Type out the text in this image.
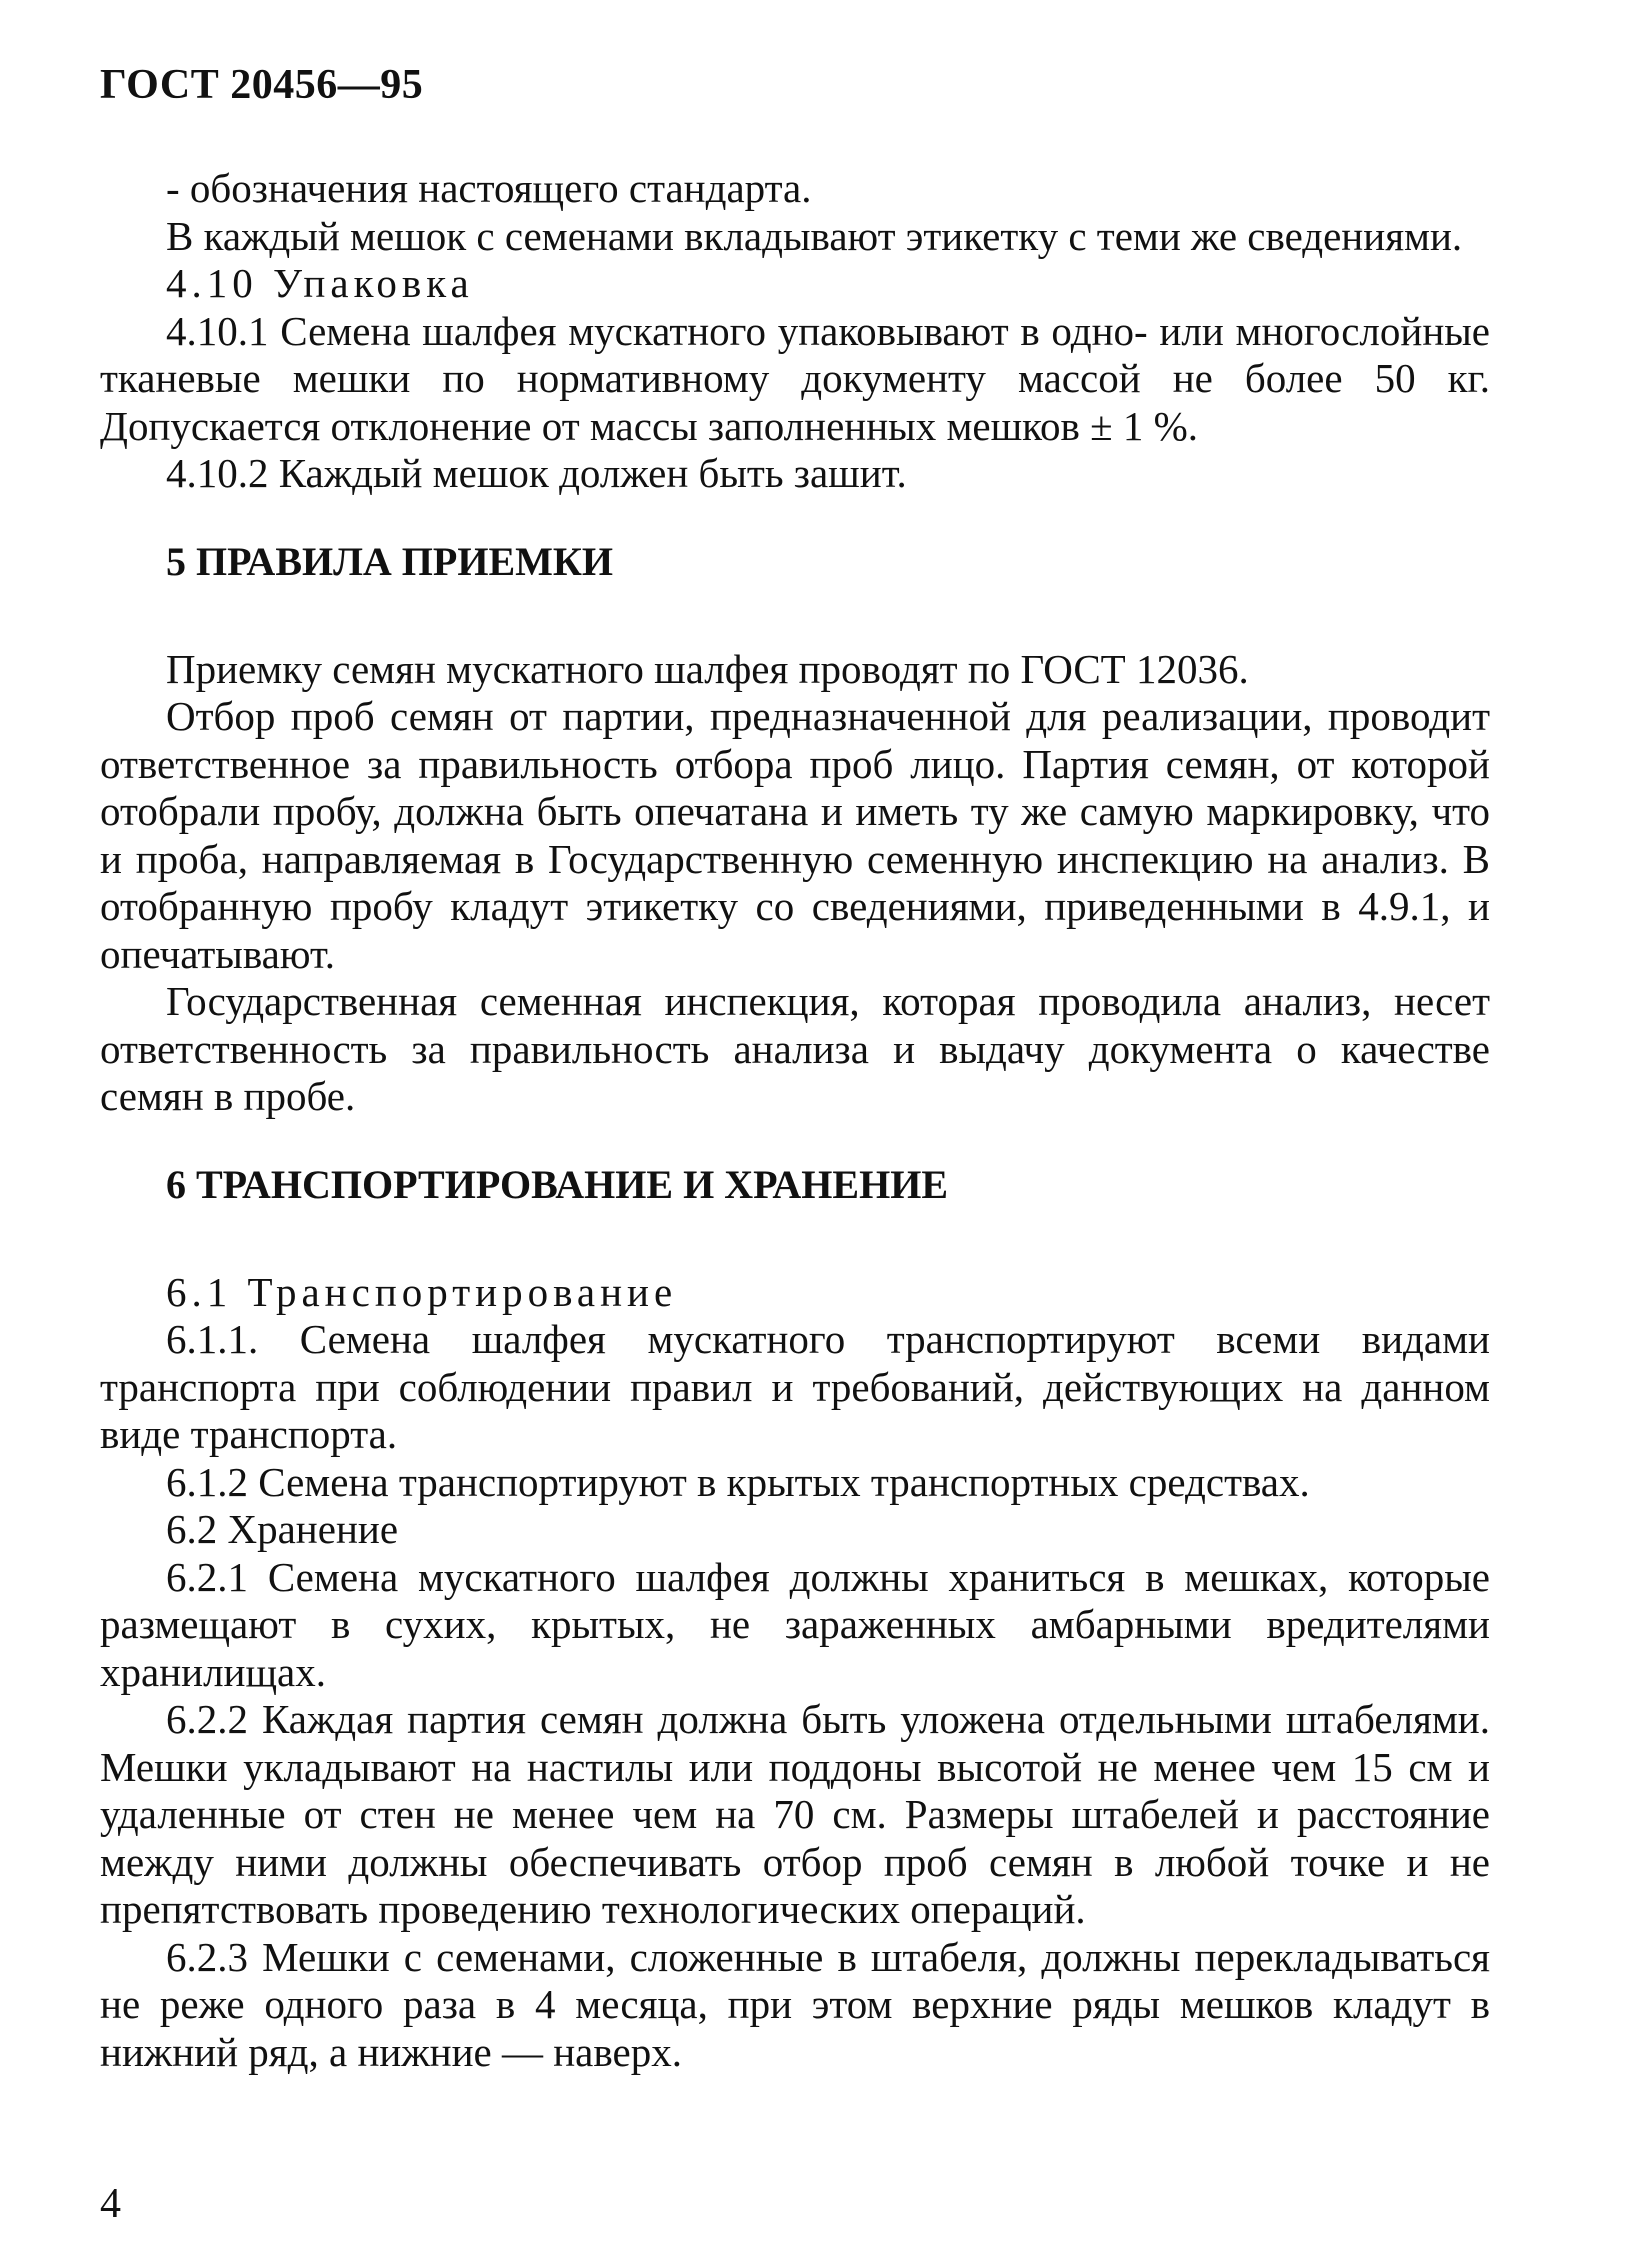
ГОСТ 20456—95

- обозначения настоящего стандарта.

В каждый мешок с семенами вкладывают этикетку с теми же сведениями.

4.10 Упаковка

4.10.1 Семена шалфея мускатного упаковывают в одно- или многослойные тканевые мешки по нормативному документу массой не более 50 кг. Допускается отклонение от массы заполненных мешков ± 1 %.

4.10.2 Каждый мешок должен быть зашит.

5 ПРАВИЛА ПРИЕМКИ

Приемку семян мускатного шалфея проводят по ГОСТ 12036.

Отбор проб семян от партии, предназначенной для реализации, проводит ответственное за правильность отбора проб лицо. Партия семян, от которой отобрали пробу, должна быть опечатана и иметь ту же самую маркировку, что и проба, направляемая в Государственную семенную инспекцию на анализ. В отобранную пробу кладут этикетку со сведениями, приведенными в 4.9.1, и опечатывают.

Государственная семенная инспекция, которая проводила анализ, несет ответственность за правильность анализа и выдачу документа о качестве семян в пробе.

6 ТРАНСПОРТИРОВАНИЕ И ХРАНЕНИЕ

6.1 Транспортирование

6.1.1. Семена шалфея мускатного транспортируют всеми видами транспорта при соблюдении правил и требований, действующих на данном виде транспорта.

6.1.2 Семена транспортируют в крытых транспортных средствах.

6.2 Хранение

6.2.1 Семена мускатного шалфея должны храниться в мешках, которые размещают в сухих, крытых, не зараженных амбарными вредителями хранилищах.

6.2.2 Каждая партия семян должна быть уложена отдельными штабелями. Мешки укладывают на настилы или поддоны высотой не менее чем 15 см и удаленные от стен не менее чем на 70 см. Размеры штабелей и расстояние между ними должны обеспечивать отбор проб семян в любой точке и не препятствовать проведению технологических операций.

6.2.3 Мешки с семенами, сложенные в штабеля, должны перекладываться не реже одного раза в 4 месяца, при этом верхние ряды мешков кладут в нижний ряд, а нижние — наверх.

4
